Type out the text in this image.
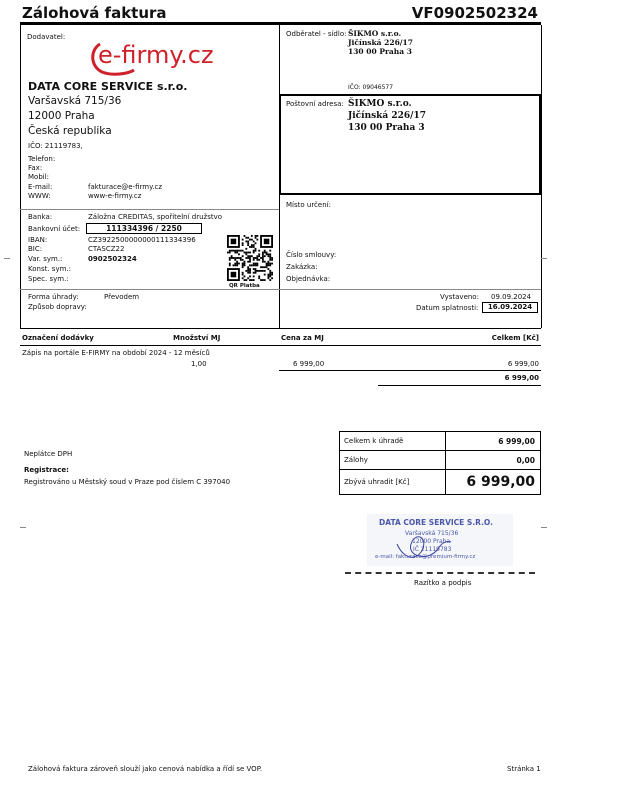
Zálohová faktura	VF0902502324
Dodavatel:
e-firmy.cz
DATA CORE SERVICE s.r.o.
Varšavská 715/36
12000 Praha
Česká republika
IČO: 21119783,
Telefon:
Fax:
Mobil:
E-mail:	fakturace@e-firmy.cz
WWW:	www-e-firmy.cz
Odběratel - sídlo: ŠIKMO s.r.o.
Jičínská 226/17
130 00 Praha 3
IČO: 09046577
Poštovní adresa: ŠIKMO s.r.o.
Jičínská 226/17
130 00 Praha 3
Místo určení:
Banka:	Záložna CREDITAS, spořitelní družstvo
Bankovní účet:	111334396 / 2250
IBAN:	CZ3922500000000111334396
BIC:	CTASCZ22
Var. sym.:	0902502324
Konst. sym.:
Spec. sym.:
QR Platba
Číslo smlouvy:
Zakázka:
Objednávka:
Forma úhrady:	Převodem
Způsob dopravy:
Vystaveno: 09.09.2024
Datum splatnosti:	16.09.2024
Označení dodávky	Množství MJ	Cena za MJ	Celkem [Kč]
Zápis na portále E-FIRMY na období 2024 - 12 měsíců
1,00	6 999,00	6 999,00
6 999,00
Neplátce DPH
Registrace:
Registrováno u Městský soud v Praze pod číslem C 397040
Celkem k úhradě	6 999,00
Zálohy	0,00
Zbývá uhradit [Kč]	6 999,00
DATA CORE SERVICE S.R.O.
Varšavská 715/36
12000 Praha
IČ 21119783
e-mail: fakturace@premium-firmy.cz
Razítko a podpis
Zálohová faktura zároveň slouží jako cenová nabídka a řídí se VOP.	Stránka 1
